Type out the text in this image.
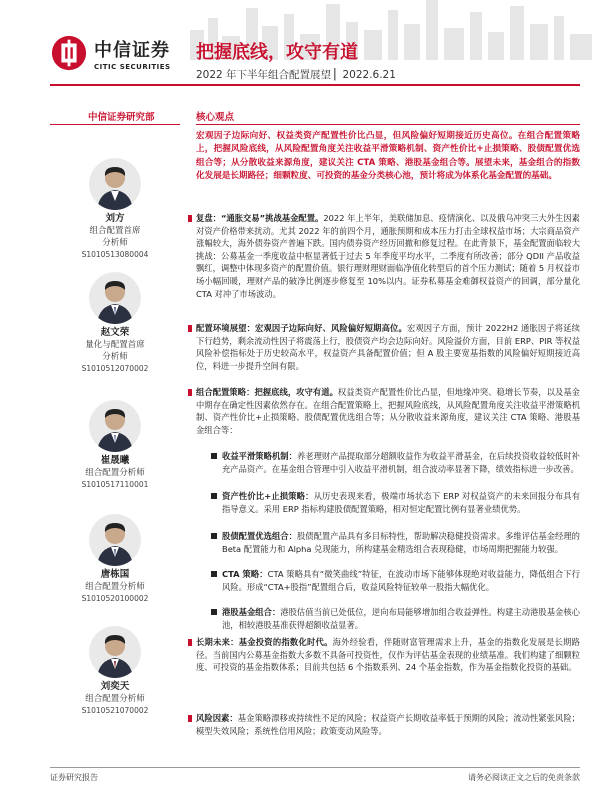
中信证券
CITIC SECURITIES
把握底线，攻守有道
2022 年下半年组合配置展望 ▏2022.6.21
中信证券研究部	核心观点
刘方
组合配置首席
分析师
S1010513080004
赵文荣
量化与配置首席
分析师
S1010512070002
崔晟曦
组合配置分析师
S1010517110001
唐栋国
组合配置分析师
S1010520100002
刘奕天
组合配置分析师
S1010521070002
宏观因子边际向好、权益类资产配置性价比凸显，但风险偏好短期接近历史高位。在组合配置策略上，把握风险底线，从风险配置角度关注收益平滑策略机制、资产性价比+止损策略、股债配置优选组合等；从分散收益来源角度，建议关注 CTA 策略、港股基金组合等。展望未来，基金组合的指数化发展是长期路径；细颗粒度、可投资的基金分类核心池，预计将成为体系化基金配置的基础。
复盘：“通胀交易”挑战基金配置。2022 年上半年，美联储加息、疫情演化、以及俄乌冲突三大外生因素对资产价格带来扰动。尤其 2022 年的前四个月，通胀预期和成本压力打击全球权益市场；大宗商品资产涨幅较大，海外债券资产普遍下跌。国内债券资产经历回撤和修复过程。在此背景下，基金配置面临较大挑战：公募基金一季度收益中枢显著低于过去 5 年季度平均水平，二季度有所改善；部分 QDII 产品收益飘红，调整中体现多资产的配置价值。银行理财理财面临净值化转型后的首个压力测试；随着 5 月权益市场小幅回暖，理财产品的破净比例逐步修复至 10%以内。证券私募基金难御权益资产的回调，部分量化 CTA 对冲了市场波动。
配置环境展望：宏观因子边际向好、风险偏好短期高位。宏观因子方面，预计 2022H2 通胀因子将延续下行趋势，剩余流动性因子将震荡上行，股债资产均会边际向好。风险溢价方面，目前 ERP、PIR 等权益风险补偿指标处于历史较高水平，权益资产具备配置价值；但 A 股主要宽基指数的风险偏好短期接近高位，料进一步提升空间有限。
组合配置策略：把握底线，攻守有道。权益类资产配置性价比凸显，但地缘冲突、稳增长节奏，以及基金中期存在确定性因素依然存在。在组合配置策略上，把握风险底线，从风险配置角度关注收益平滑策略机制、资产性价比+止损策略、股债配置优选组合等；从分散收益来源角度，建议关注 CTA 策略、港股基金组合等：
收益平滑策略机制：养老理财产品提取部分超额收益作为收益平滑基金，在后续投资收益较低时补充产品资产。在基金组合管理中引入收益平滑机制，组合波动率显著下降，绩效指标进一步改善。
资产性价比+止损策略：从历史表现来看，极端市场状态下 ERP 对权益资产的未来回报分布具有指导意义。采用 ERP 指标构建股债配置策略，相对恒定配置比例有显著业绩优势。
股债配置优选组合：股债配置产品具有多目标特性，帮助解决稳健投资需求。多维评估基金经理的 Beta 配置能力和 Alpha 兑现能力，所构建基金精选组合表现稳健，市场周期把握能力较强。
CTA 策略：CTA 策略具有“微笑曲线”特征，在波动市场下能够体现绝对收益能力，降低组合下行风险。形成“CTA+股指”配置组合后，收益风险特征较单一股指大幅优化。
港股基金组合：港股估值当前已处低位，逆向布局能够增加组合收益弹性。构建主动港股基金核心池，相较港股基准获得超额收益显著。
长期未来：基金投资的指数化时代。海外经验看，伴随财富管理需求上升，基金的指数化发展是长期路径。当前国内公募基金指数大多数不具备可投资性，仅作为评估基金表现的业绩基准。我们构建了细颗粒度、可投资的基金指数体系；目前共包括 6 个指数系列、24 个基金指数，作为基金指数化投资的基础。
风险因素：基金策略漂移或持续性不足的风险；权益资产长期收益率低于预期的风险；流动性紧张风险；模型失效风险；系统性信用风险；政策变动风险等。
证券研究报告	请务必阅读正文之后的免责条款
